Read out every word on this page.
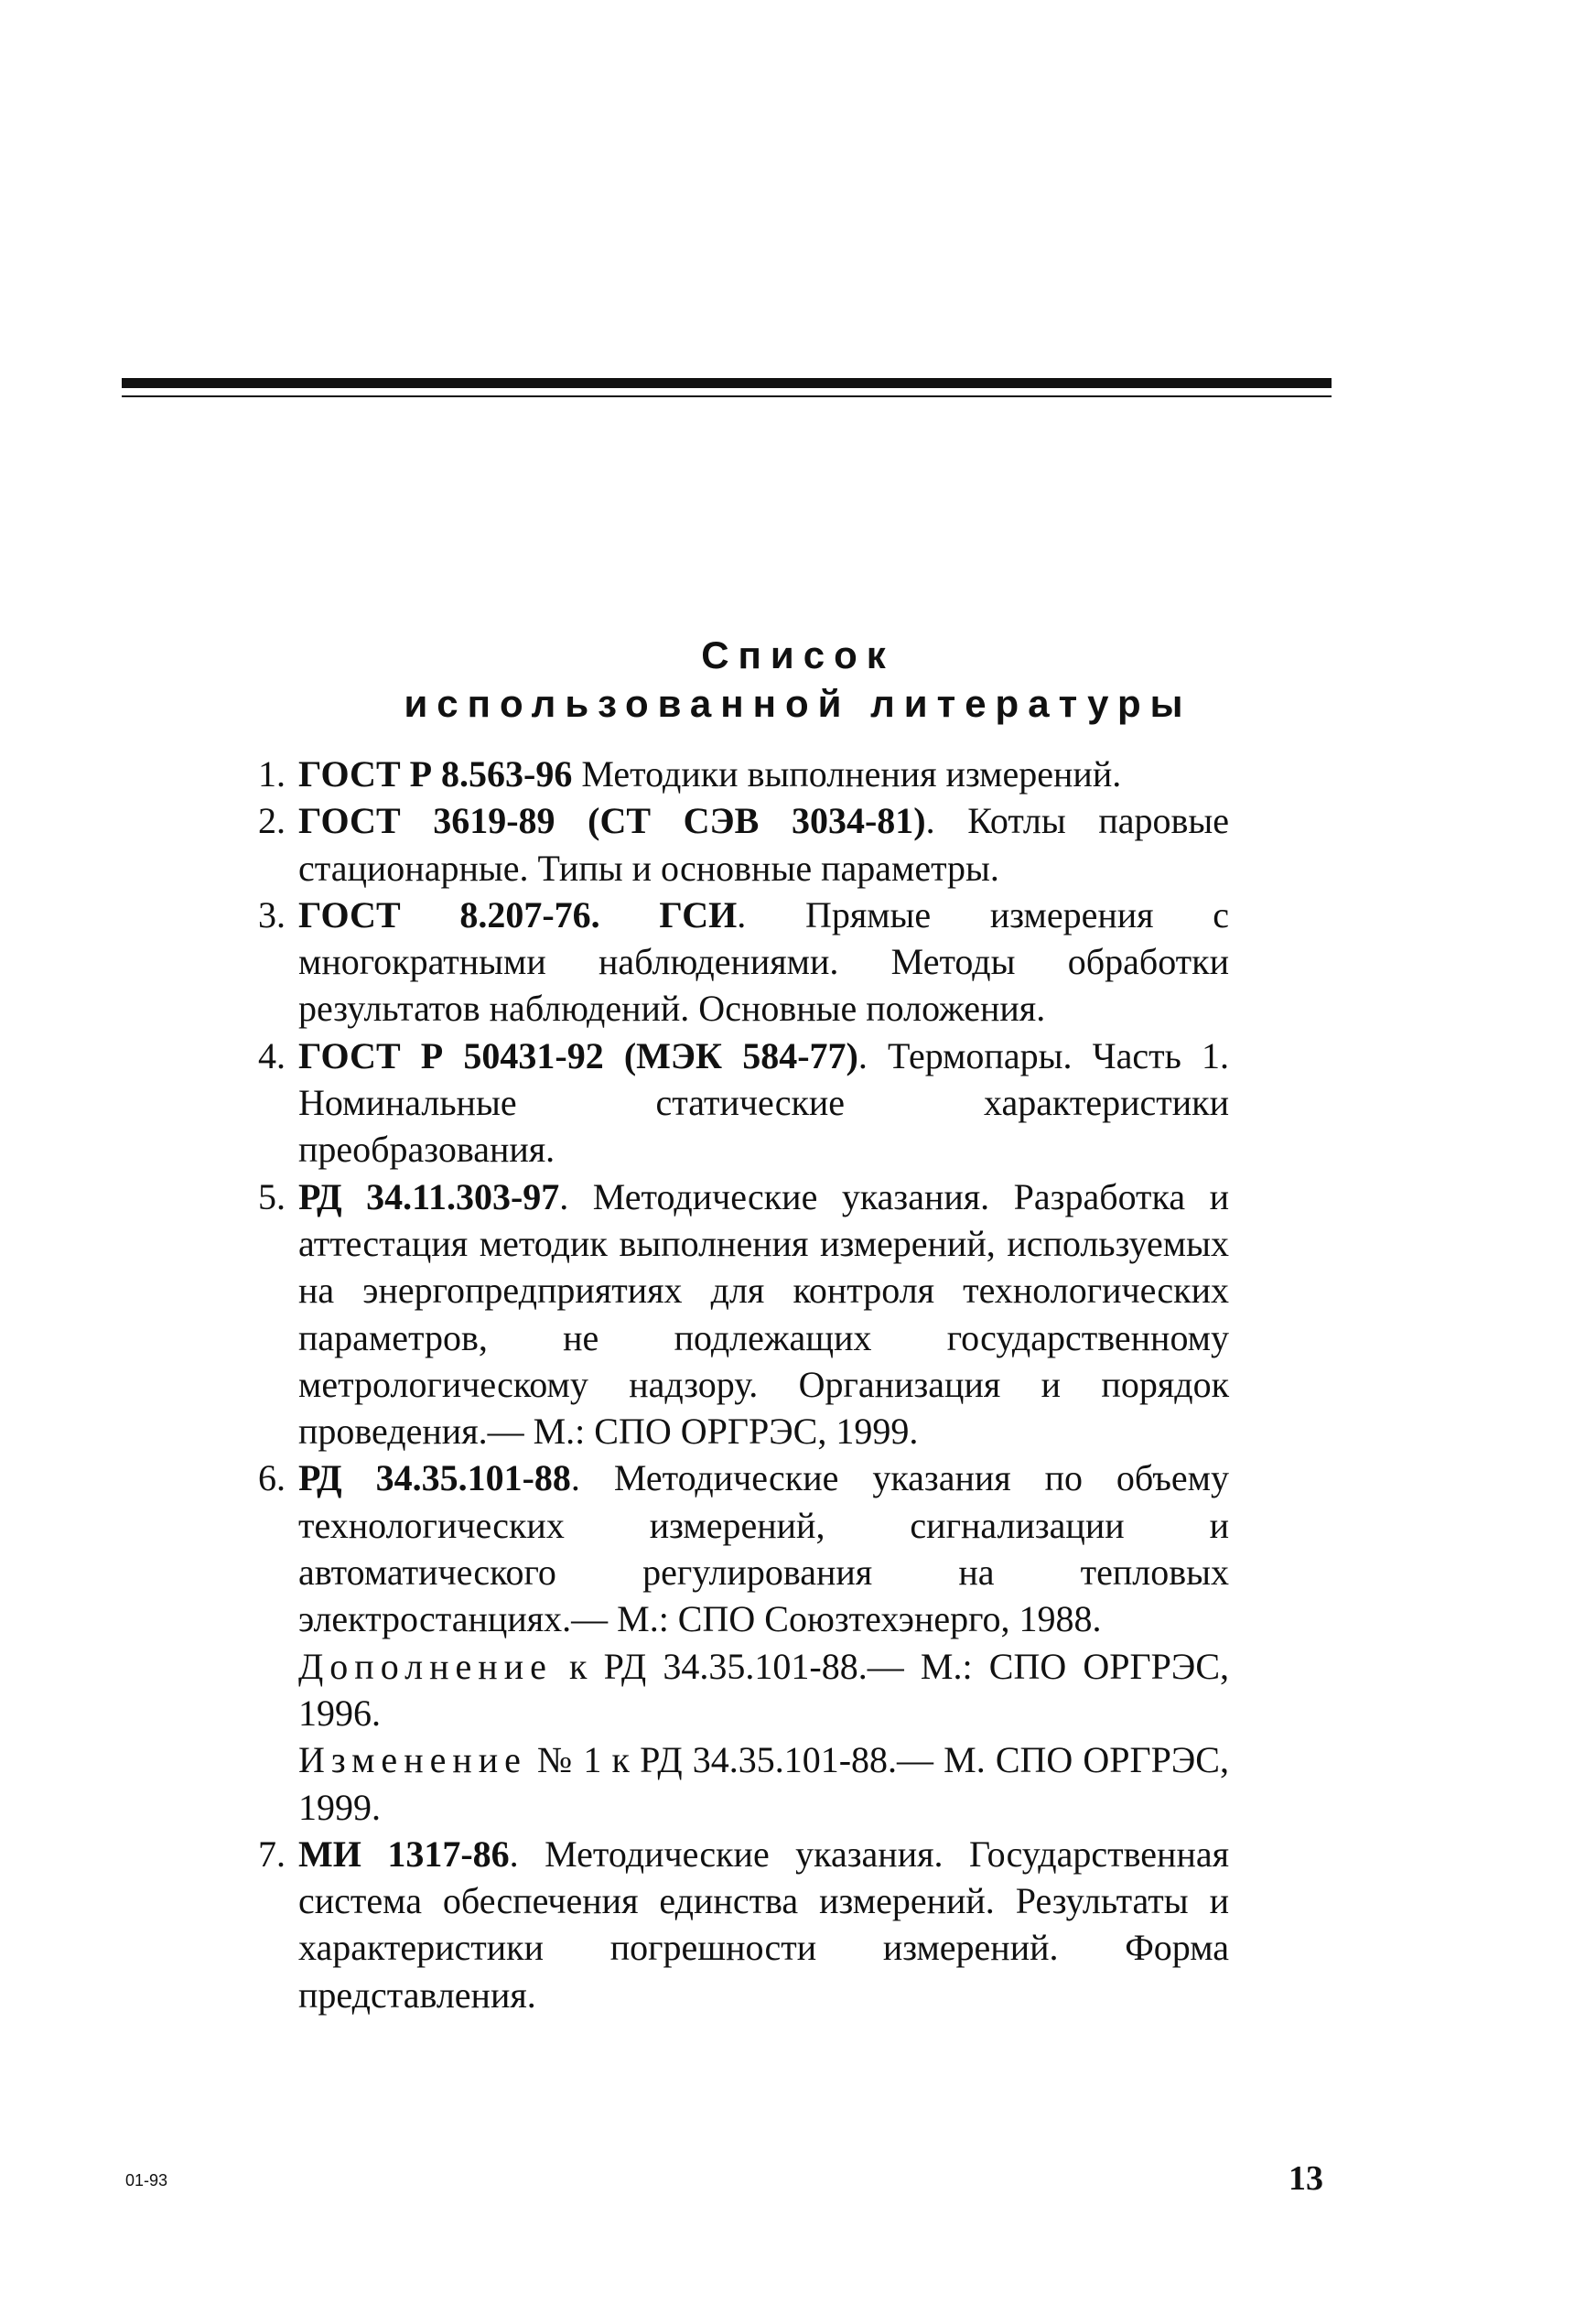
Список
использованной литературы
1. ГОСТ Р 8.563-96 Методики выполнения измерений.
2. ГОСТ 3619-89 (СТ СЭВ 3034-81). Котлы паровые стационарные. Типы и основные параметры.
3. ГОСТ 8.207-76. ГСИ. Прямые измерения с многократными наблюдениями. Методы обработки результатов наблюдений. Основные положения.
4. ГОСТ Р 50431-92 (МЭК 584-77). Термопары. Часть 1. Номинальные статические характеристики преобразования.
5. РД 34.11.303-97. Методические указания. Разработка и аттестация методик выполнения измерений, используемых на энергопредприятиях для контроля технологических параметров, не подлежащих государственному метрологическому надзору. Организация и порядок проведения.— М.: СПО ОРГРЭС, 1999.
6. РД 34.35.101-88. Методические указания по объему технологических измерений, сигнализации и автоматического регулирования на тепловых электростанциях.— М.: СПО Союзтехэнерго, 1988.
Дополнение к РД 34.35.101-88.— М.: СПО ОРГРЭС, 1996.
Изменение № 1 к РД 34.35.101-88.— М. СПО ОРГРЭС, 1999.
7. МИ 1317-86. Методические указания. Государственная система обеспечения единства измерений. Результаты и характеристики погрешности измерений. Форма представления.
01-93	13
